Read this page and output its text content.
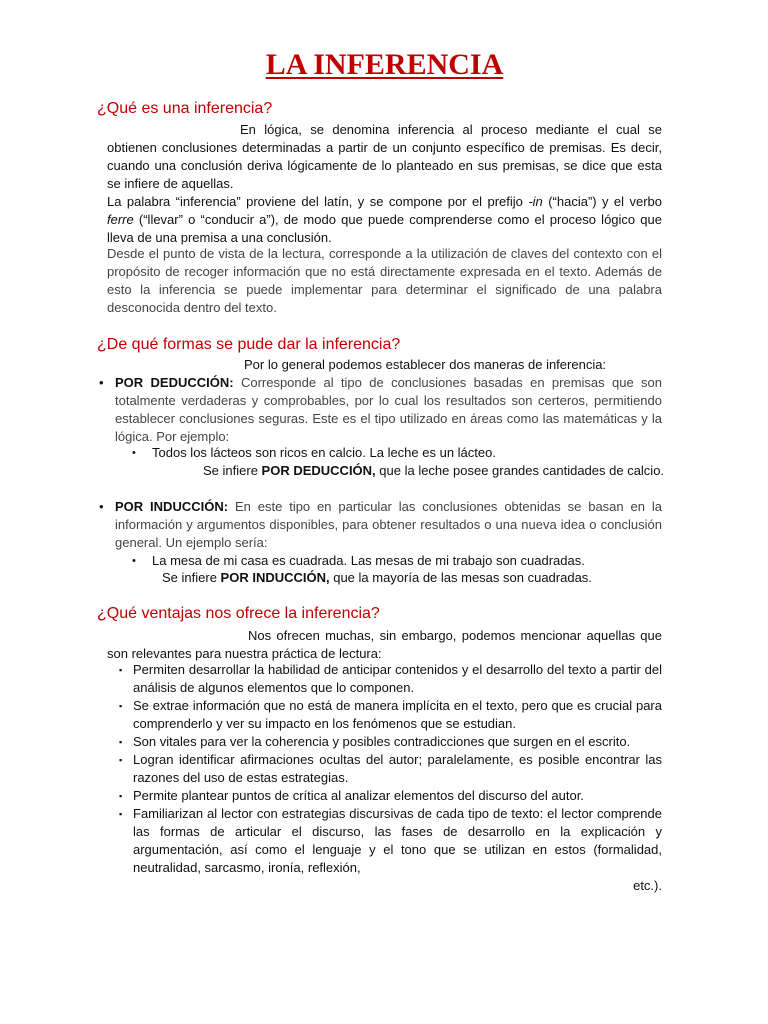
LA INFERENCIA
¿Qué es una inferencia?
En lógica, se denomina inferencia al proceso mediante el cual se obtienen conclusiones determinadas a partir de un conjunto específico de premisas. Es decir, cuando una conclusión deriva lógicamente de lo planteado en sus premisas, se dice que esta se infiere de aquellas.
La palabra “inferencia” proviene del latín, y se compone por el prefijo -in (“hacia”) y el verbo ferre (“llevar” o “conducir a”), de modo que puede comprenderse como el proceso lógico que lleva de una premisa a una conclusión.
Desde el punto de vista de la lectura, corresponde a la utilización de claves del contexto con el propósito de recoger información que no está directamente expresada en el texto. Además de esto la inferencia se puede implementar para determinar el significado de una palabra desconocida dentro del texto.
¿De qué formas se pude dar la inferencia?
Por lo general podemos establecer dos maneras de inferencia:
• POR DEDUCCIÓN: Corresponde al tipo de conclusiones basadas en premisas que son totalmente verdaderas y comprobables, por lo cual los resultados son certeros, permitiendo establecer conclusiones seguras. Este es el tipo utilizado en áreas como las matemáticas y la lógica. Por ejemplo:
• Todos los lácteos son ricos en calcio. La leche es un lácteo.
Se infiere POR DEDUCCIÓN, que la leche posee grandes cantidades de calcio.
• POR INDUCCIÓN: En este tipo en particular las conclusiones obtenidas se basan en la información y argumentos disponibles, para obtener resultados o una nueva idea o conclusión general. Un ejemplo sería:
• La mesa de mi casa es cuadrada. Las mesas de mi trabajo son cuadradas.
Se infiere POR INDUCCIÓN, que la mayoría de las mesas son cuadradas.
¿Qué ventajas nos ofrece la inferencia?
Nos ofrecen muchas, sin embargo, podemos mencionar aquellas que son relevantes para nuestra práctica de lectura:
▪ Permiten desarrollar la habilidad de anticipar contenidos y el desarrollo del texto a partir del análisis de algunos elementos que lo componen.
▪ Se extrae información que no está de manera implícita en el texto, pero que es crucial para comprenderlo y ver su impacto en los fenómenos que se estudian.
▪ Son vitales para ver la coherencia y posibles contradicciones que surgen en el escrito.
▪ Logran identificar afirmaciones ocultas del autor; paralelamente, es posible encontrar las razones del uso de estas estrategias.
▪ Permite plantear puntos de crítica al analizar elementos del discurso del autor.
▪ Familiarizan al lector con estrategias discursivas de cada tipo de texto: el lector comprende las formas de articular el discurso, las fases de desarrollo en la explicación y argumentación, así como el lenguaje y el tono que se utilizan en estos (formalidad, neutralidad, sarcasmo, ironía, reflexión,
etc.).
